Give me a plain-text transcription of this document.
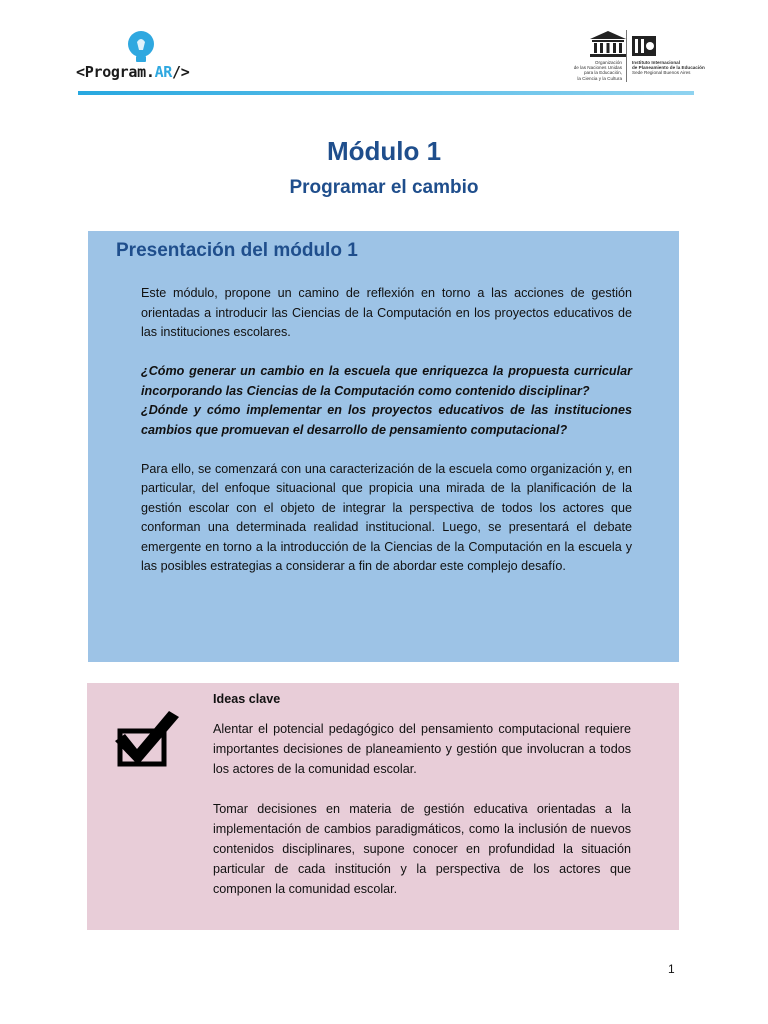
<Program.AR/>
Organización
de las Naciones Unidas
para la Educación,
la Ciencia y la Cultura
Instituto Internacional
de Planeamiento de la Educación
Sede Regional Buenos Aires
Módulo 1
Programar el cambio
Presentación del módulo 1

Este módulo, propone un camino de reflexión en torno a las acciones de gestión orientadas a introducir las Ciencias de la Computación en los proyectos educativos de las instituciones escolares.

¿Cómo generar un cambio en la escuela que enriquezca la propuesta curricular incorporando las Ciencias de la Computación como contenido disciplinar?

¿Dónde y cómo implementar en los proyectos educativos de las instituciones cambios que promuevan el desarrollo de pensamiento computacional?

Para ello, se comenzará con una caracterización de la escuela como organización y, en particular, del enfoque situacional que propicia una mirada de la planificación de la gestión escolar con el objeto de integrar la perspectiva de todos los actores que conforman una determinada realidad institucional. Luego, se presentará el debate emergente en torno a la introducción de la Ciencias de la Computación en la escuela y las posibles estrategias a considerar a fin de abordar este complejo desafío.

Ideas clave

Alentar el potencial pedagógico del pensamiento computacional requiere importantes decisiones de planeamiento y gestión que involucran a todos los actores de la comunidad escolar.

Tomar decisiones en materia de gestión educativa orientadas a la implementación de cambios paradigmáticos, como la inclusión de nuevos contenidos disciplinares, supone conocer en profundidad la situación particular de cada institución y la perspectiva de los actores que componen la comunidad escolar.

1
